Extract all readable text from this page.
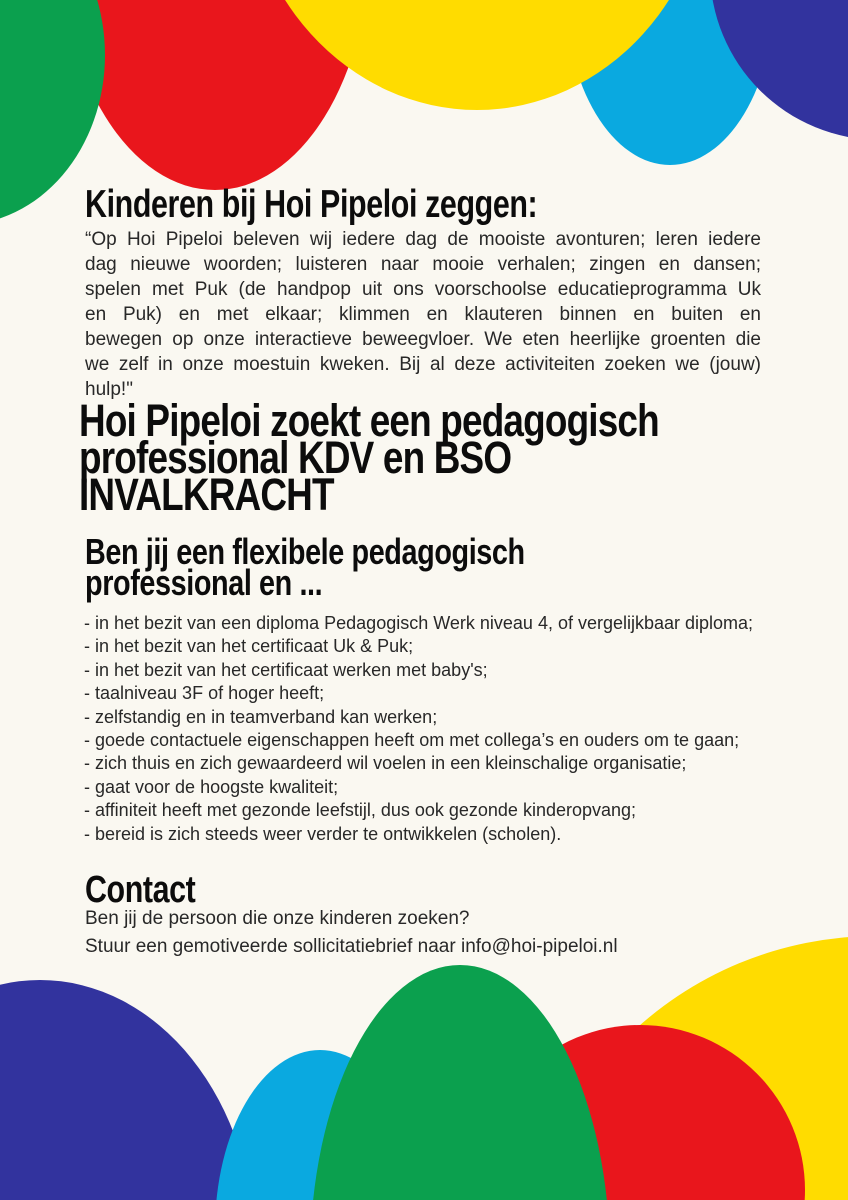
Kinderen bij Hoi Pipeloi zeggen:

“Op Hoi Pipeloi beleven wij iedere dag de mooiste avonturen; leren iedere dag nieuwe woorden; luisteren naar mooie verhalen; zingen en dansen; spelen met Puk (de handpop uit ons voorschoolse educatieprogramma Uk en Puk) en met elkaar; klimmen en klauteren binnen en buiten en bewegen op onze interactieve beweegvloer. We eten heerlijke groenten die we zelf in onze moestuin kweken. Bij al deze activiteiten zoeken we (jouw) hulp!"

Hoi Pipeloi zoekt een pedagogisch
professional KDV en BSO
INVALKRACHT
Ben jij een flexibele pedagogisch
professional en ...
- in het bezit van een diploma Pedagogisch Werk niveau 4, of vergelijkbaar diploma;
- in het bezit van het certificaat Uk & Puk;
- in het bezit van het certificaat werken met baby's;
- taalniveau 3F of hoger heeft;
- zelfstandig en in teamverband kan werken;
- goede contactuele eigenschappen heeft om met collega’s en ouders om te gaan;
- zich thuis en zich gewaardeerd wil voelen in een kleinschalige organisatie;
- gaat voor de hoogste kwaliteit;
- affiniteit heeft met gezonde leefstijl, dus ook gezonde kinderopvang;
- bereid is zich steeds weer verder te ontwikkelen (scholen).
Contact

Ben jij de persoon die onze kinderen zoeken?

Stuur een gemotiveerde sollicitatiebrief naar info@hoi-pipeloi.nl
